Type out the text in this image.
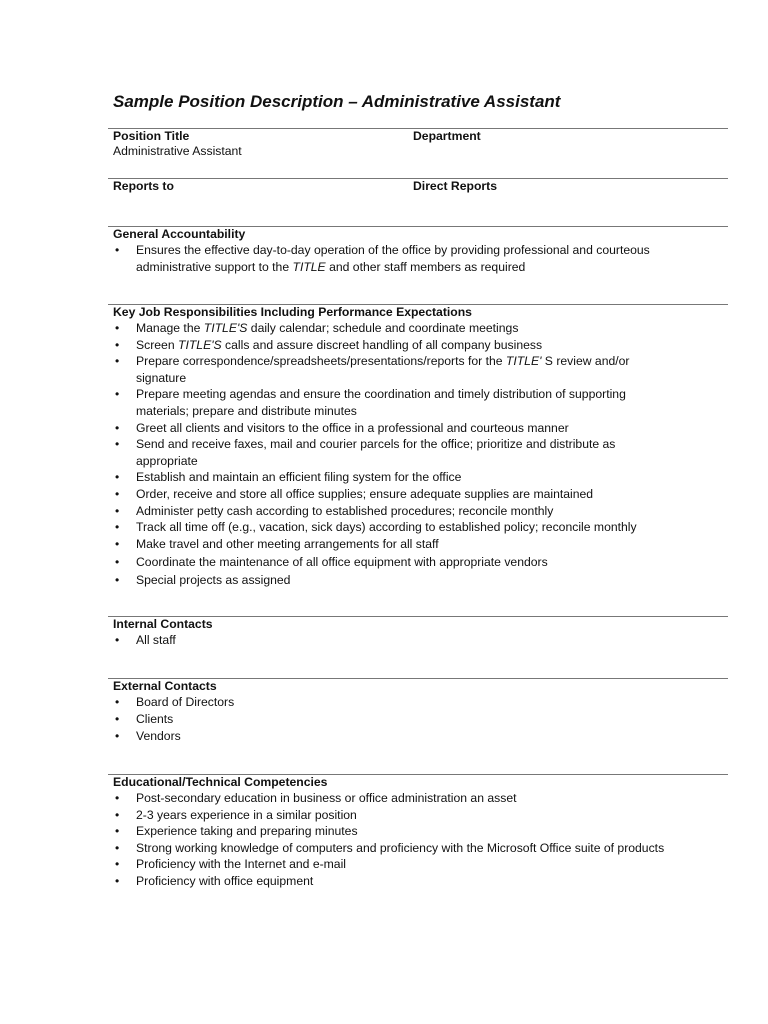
Sample Position Description – Administrative Assistant
Position Title
Administrative Assistant
Department
Reports to	Direct Reports
General Accountability
• Ensures the effective day-to-day operation of the office by providing professional and courteous
administrative support to the TITLE and other staff members as required
Key Job Responsibilities Including Performance Expectations
• Manage the TITLE'S daily calendar; schedule and coordinate meetings
• Screen TITLE'S calls and assure discreet handling of all company business
• Prepare correspondence/spreadsheets/presentations/reports for the TITLE' S review and/or
signature
• Prepare meeting agendas and ensure the coordination and timely distribution of supporting
materials; prepare and distribute minutes
• Greet all clients and visitors to the office in a professional and courteous manner
• Send and receive faxes, mail and courier parcels for the office; prioritize and distribute as
appropriate
• Establish and maintain an efficient filing system for the office
• Order, receive and store all office supplies; ensure adequate supplies are maintained
• Administer petty cash according to established procedures; reconcile monthly
• Track all time off (e.g., vacation, sick days) according to established policy; reconcile monthly
• Make travel and other meeting arrangements for all staff
• Coordinate the maintenance of all office equipment with appropriate vendors
• Special projects as assigned
Internal Contacts
• All staff
External Contacts
• Board of Directors
• Clients
• Vendors
Educational/Technical Competencies
• Post-secondary education in business or office administration an asset
• 2-3 years experience in a similar position
• Experience taking and preparing minutes
• Strong working knowledge of computers and proficiency with the Microsoft Office suite of products
• Proficiency with the Internet and e-mail
• Proficiency with office equipment
